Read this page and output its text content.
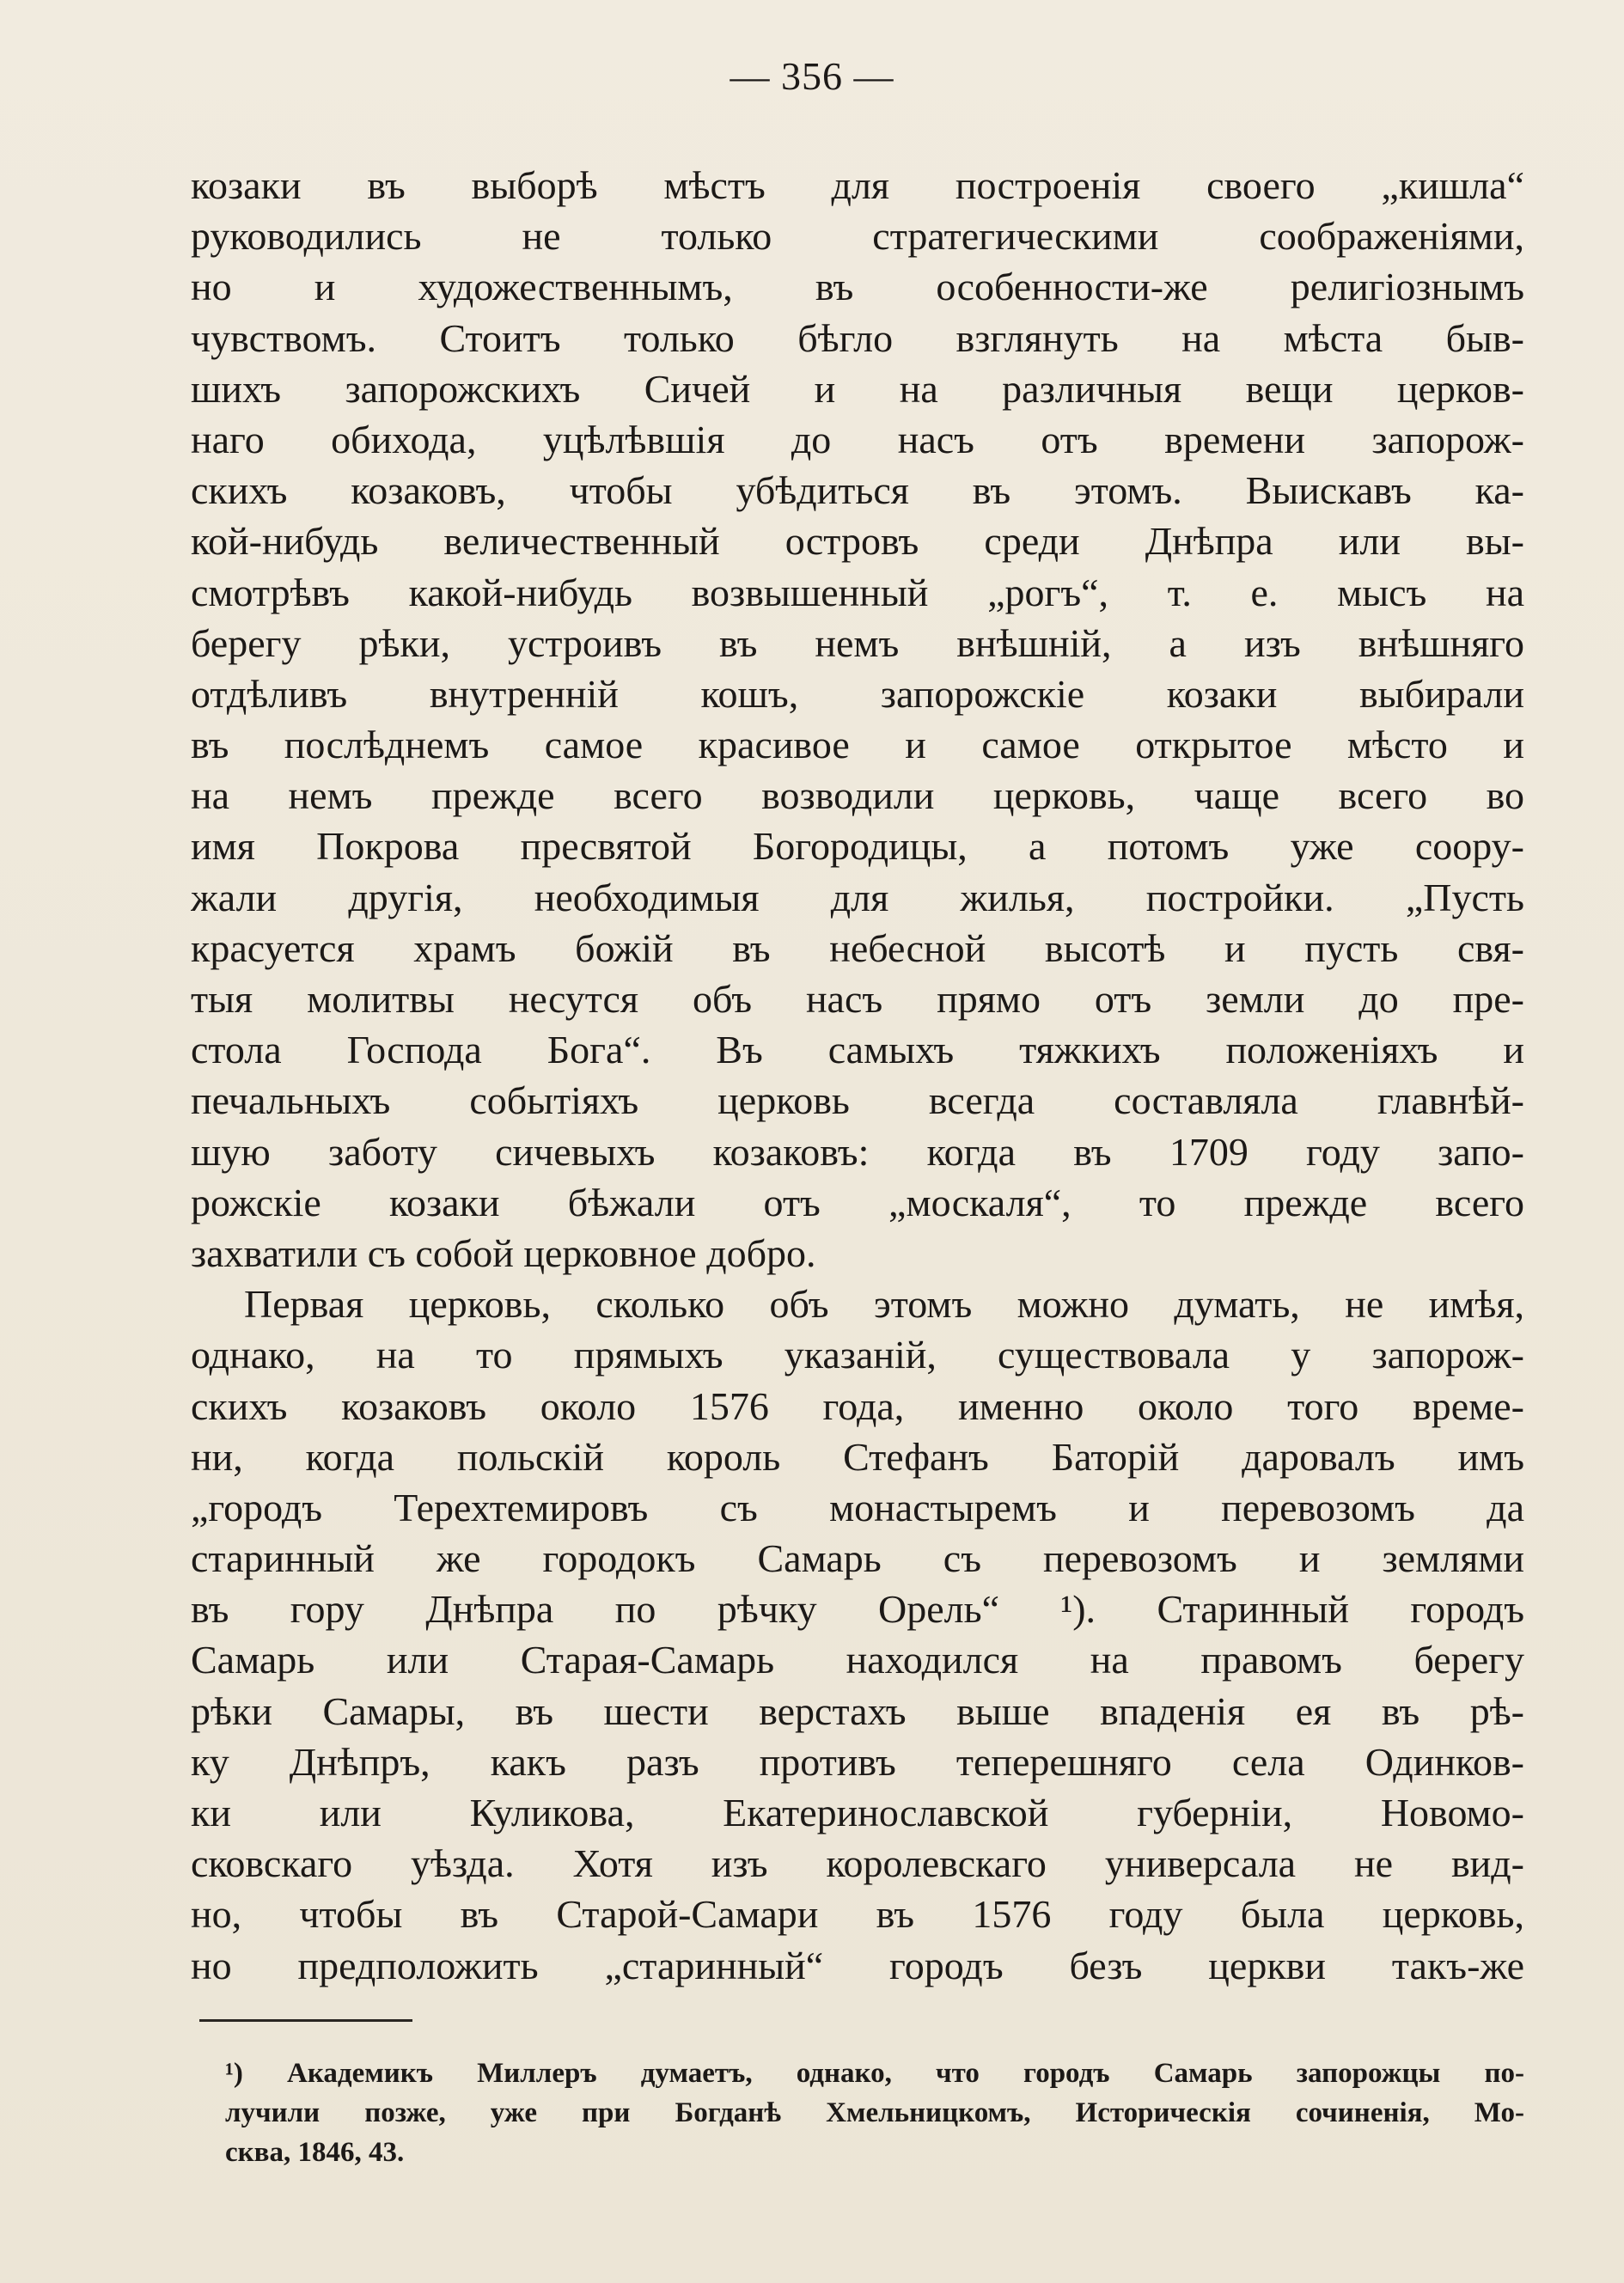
— 356 —
козаки въ выборѣ мѣстъ для построенія своего „кишла“
руководились не только стратегическими соображеніями,
но и художественнымъ, въ особенности-же религіознымъ
чувствомъ. Стоитъ только бѣгло взглянуть на мѣста быв-
шихъ запорожскихъ Сичей и на различныя вещи церков-
наго обихода, уцѣлѣвшія до насъ отъ времени запорож-
скихъ козаковъ, чтобы убѣдиться въ этомъ. Выискавъ ка-
кой-нибудь величественный островъ среди Днѣпра или вы-
смотрѣвъ какой-нибудь возвышенный „рогъ“, т. е. мысъ на
берегу рѣки, устроивъ въ немъ внѣшній, а изъ внѣшняго
отдѣливъ внутренній кошъ, запорожскіе козаки выбирали
въ послѣднемъ самое красивое и самое открытое мѣсто и
на немъ прежде всего возводили церковь, чаще всего во
имя Покрова пресвятой Богородицы, а потомъ уже соору-
жали другія, необходимыя для жилья, постройки. „Пусть
красуется храмъ божій въ небесной высотѣ и пусть свя-
тыя молитвы несутся объ насъ прямо отъ земли до пре-
стола Господа Бога“. Въ самыхъ тяжкихъ положеніяхъ и
печальныхъ событіяхъ церковь всегда составляла главнѣй-
шую заботу сичевыхъ козаковъ: когда въ 1709 году запо-
рожскіе козаки бѣжали отъ „москаля“, то прежде всего
захватили съ собой церковное добро.
Первая церковь, сколько объ этомъ можно думать, не имѣя,
однако, на то прямыхъ указаній, существовала у запорож-
скихъ козаковъ около 1576 года, именно около того време-
ни, когда польскій король Стефанъ Баторій даровалъ имъ
„городъ Терехтемировъ съ монастыремъ и перевозомъ да
старинный же городокъ Самарь съ перевозомъ и землями
въ гору Днѣпра по рѣчку Орель“ ¹). Старинный городъ
Самарь или Старая-Самарь находился на правомъ берегу
рѣки Самары, въ шести верстахъ выше впаденія ея въ рѣ-
ку Днѣпръ, какъ разъ противъ теперешняго села Одинков-
ки или Куликова, Екатеринославской губерніи, Новомо-
сковскаго уѣзда. Хотя изъ королевскаго универсала не вид-
но, чтобы въ Старой-Самари въ 1576 году была церковь,
но предположить „старинный“ городъ безъ церкви такъ-же
¹) Академикъ Миллеръ думаетъ, однако, что городъ Самарь запорожцы по-
лучили позже, уже при Богданѣ Хмельницкомъ, Историческія сочиненія, Мо-
сква, 1846, 43.
